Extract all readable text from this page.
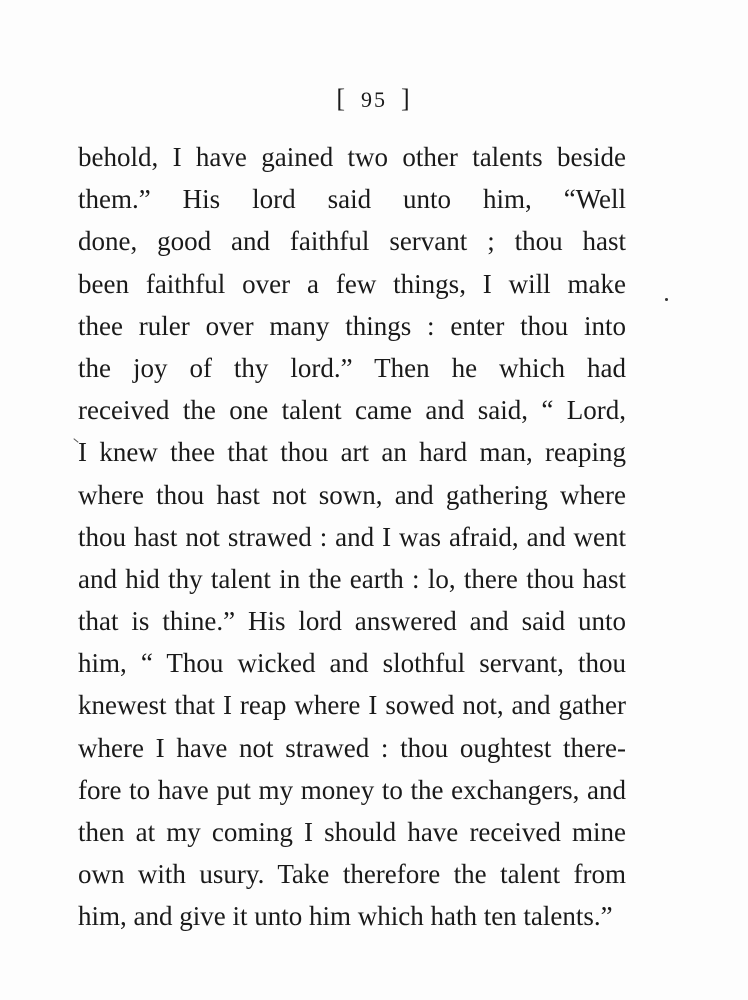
[ 95 ]
behold, I have gained two other talents beside
them.” His lord said unto him, “Well
done, good and faithful servant ; thou hast
been faithful over a few things, I will make
thee ruler over many things : enter thou into
the joy of thy lord.” Then he which had
received the one talent came and said, “ Lord,
I knew thee that thou art an hard man, reaping
where thou hast not sown, and gathering where
thou hast not strawed : and I was afraid, and went
and hid thy talent in the earth : lo, there thou hast
that is thine.” His lord answered and said unto
him, “ Thou wicked and slothful servant, thou
knewest that I reap where I sowed not, and gather
where I have not strawed : thou oughtest there-
fore to have put my money to the exchangers, and
then at my coming I should have received mine
own with usury. Take therefore the talent from
him, and give it unto him which hath ten talents.”
